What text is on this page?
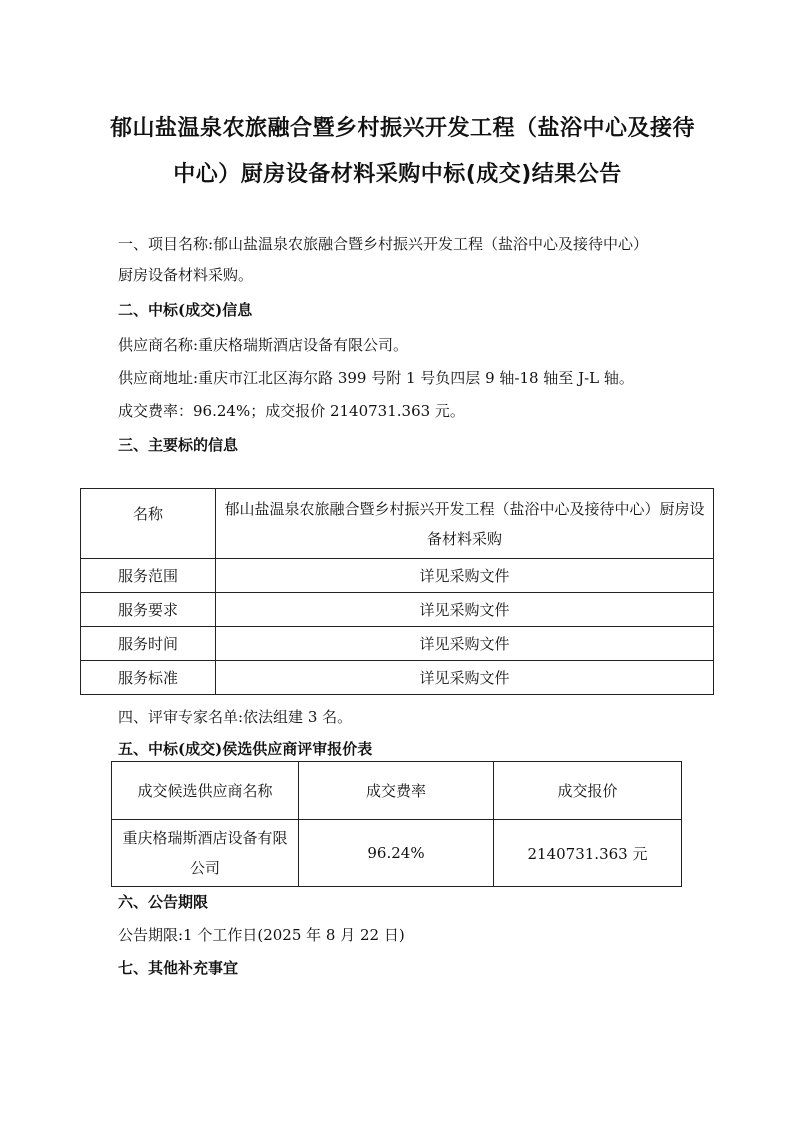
郁山盐温泉农旅融合暨乡村振兴开发工程（盐浴中心及接待
中心）厨房设备材料采购中标(成交)结果公告
一、项目名称:郁山盐温泉农旅融合暨乡村振兴开发工程（盐浴中心及接待中心）
厨房设备材料采购。
二、中标(成交)信息
供应商名称:重庆格瑞斯酒店设备有限公司。
供应商地址:重庆市江北区海尔路 399 号附 1 号负四层 9 轴-18 轴至 J-L 轴。
成交费率：96.24%；成交报价 2140731.363 元。
三、主要标的信息
名称	郁山盐温泉农旅融合暨乡村振兴开发工程（盐浴中心及接待中心）厨房设备材料采购
服务范围	详见采购文件
服务要求	详见采购文件
服务时间	详见采购文件
服务标准	详见采购文件
四、评审专家名单:依法组建 3 名。
五、中标(成交)侯选供应商评审报价表
成交候选供应商名称	成交费率	成交报价
重庆格瑞斯酒店设备有限公司	96.24%	2140731.363 元
六、公告期限
公告期限:1 个工作日(2025 年 8 月 22 日)
七、其他补充事宜
